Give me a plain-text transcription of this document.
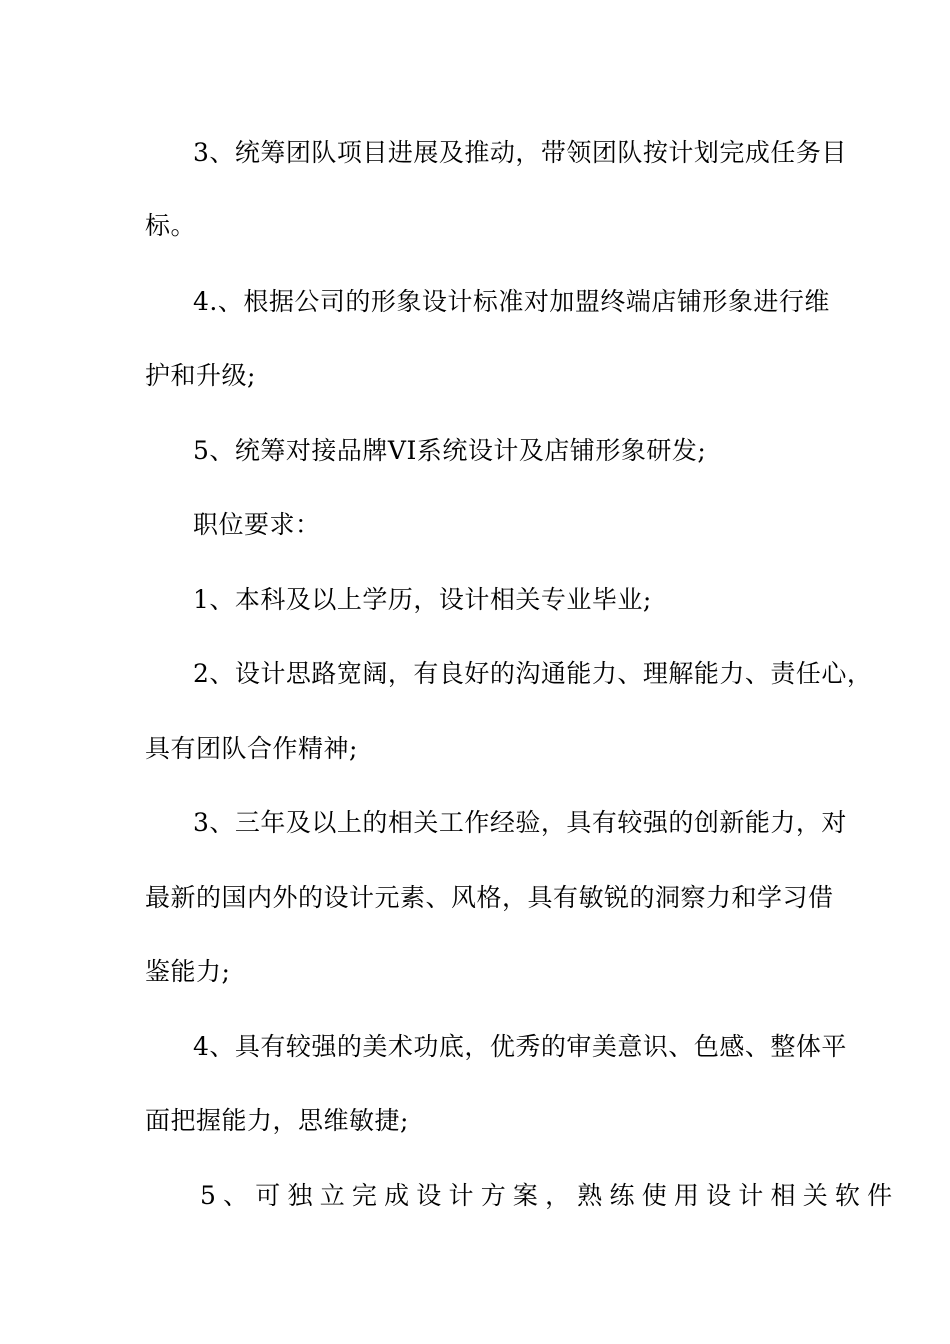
3、统筹团队项目进展及推动，带领团队按计划完成任务目
标。
4.、根据公司的形象设计标准对加盟终端店铺形象进行维
护和升级;
5、统筹对接品牌VI系统设计及店铺形象研发;
职位要求：
1、本科及以上学历，设计相关专业毕业;
2、设计思路宽阔，有良好的沟通能力、理解能力、责任心，
具有团队合作精神;
3、三年及以上的相关工作经验，具有较强的创新能力，对
最新的国内外的设计元素、风格，具有敏锐的洞察力和学习借
鉴能力;
4、具有较强的美术功底，优秀的审美意识、色感、整体平
面把握能力，思维敏捷;
5、可独立完成设计方案，熟练使用设计相关软件
